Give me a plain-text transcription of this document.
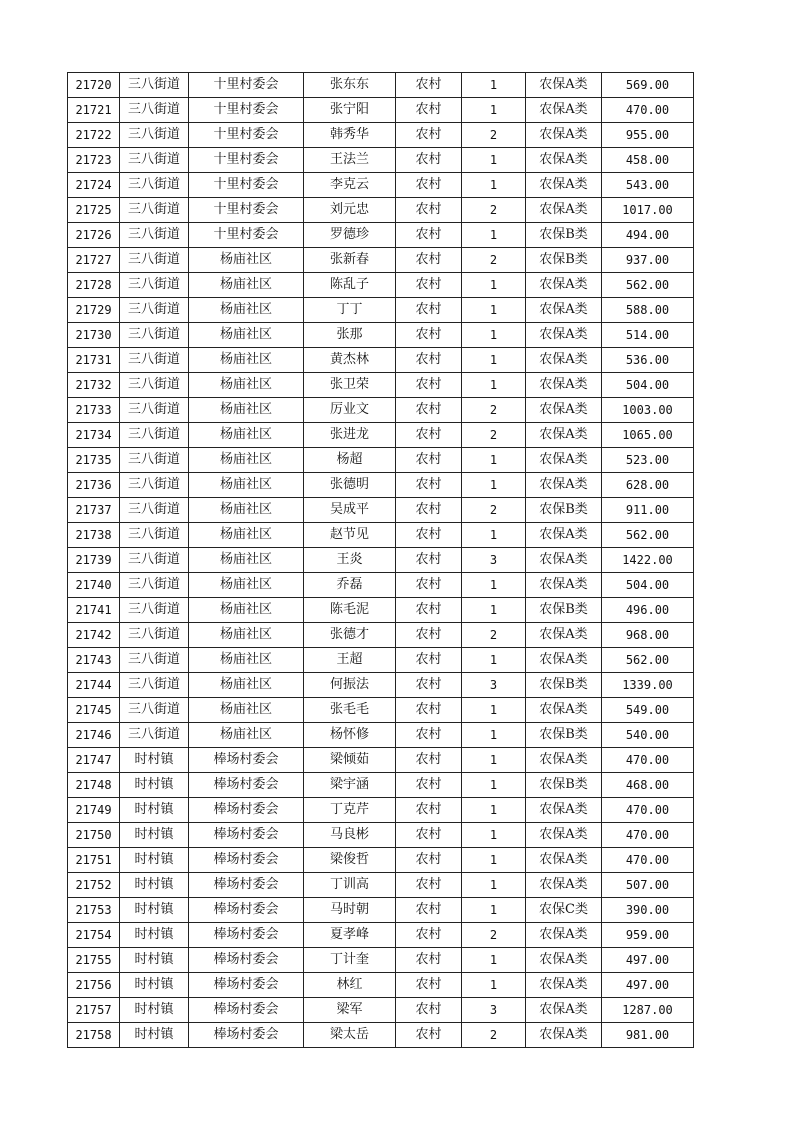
21720	三八街道	十里村委会	张东东	农村	1	农保A类	569.00
21721	三八街道	十里村委会	张宁阳	农村	1	农保A类	470.00
21722	三八街道	十里村委会	韩秀华	农村	2	农保A类	955.00
21723	三八街道	十里村委会	王法兰	农村	1	农保A类	458.00
21724	三八街道	十里村委会	李克云	农村	1	农保A类	543.00
21725	三八街道	十里村委会	刘元忠	农村	2	农保A类	1017.00
21726	三八街道	十里村委会	罗德珍	农村	1	农保B类	494.00
21727	三八街道	杨庙社区	张新春	农村	2	农保B类	937.00
21728	三八街道	杨庙社区	陈乱子	农村	1	农保A类	562.00
21729	三八街道	杨庙社区	丁丁	农村	1	农保A类	588.00
21730	三八街道	杨庙社区	张那	农村	1	农保A类	514.00
21731	三八街道	杨庙社区	黄杰林	农村	1	农保A类	536.00
21732	三八街道	杨庙社区	张卫荣	农村	1	农保A类	504.00
21733	三八街道	杨庙社区	厉业文	农村	2	农保A类	1003.00
21734	三八街道	杨庙社区	张进龙	农村	2	农保A类	1065.00
21735	三八街道	杨庙社区	杨超	农村	1	农保A类	523.00
21736	三八街道	杨庙社区	张德明	农村	1	农保A类	628.00
21737	三八街道	杨庙社区	吴成平	农村	2	农保B类	911.00
21738	三八街道	杨庙社区	赵节见	农村	1	农保A类	562.00
21739	三八街道	杨庙社区	王炎	农村	3	农保A类	1422.00
21740	三八街道	杨庙社区	乔磊	农村	1	农保A类	504.00
21741	三八街道	杨庙社区	陈毛泥	农村	1	农保B类	496.00
21742	三八街道	杨庙社区	张德才	农村	2	农保A类	968.00
21743	三八街道	杨庙社区	王超	农村	1	农保A类	562.00
21744	三八街道	杨庙社区	何振法	农村	3	农保B类	1339.00
21745	三八街道	杨庙社区	张毛毛	农村	1	农保A类	549.00
21746	三八街道	杨庙社区	杨怀修	农村	1	农保B类	540.00
21747	时村镇	棒场村委会	梁倾茹	农村	1	农保A类	470.00
21748	时村镇	棒场村委会	梁宇涵	农村	1	农保B类	468.00
21749	时村镇	棒场村委会	丁克芹	农村	1	农保A类	470.00
21750	时村镇	棒场村委会	马良彬	农村	1	农保A类	470.00
21751	时村镇	棒场村委会	梁俊哲	农村	1	农保A类	470.00
21752	时村镇	棒场村委会	丁训高	农村	1	农保A类	507.00
21753	时村镇	棒场村委会	马时朝	农村	1	农保C类	390.00
21754	时村镇	棒场村委会	夏孝峰	农村	2	农保A类	959.00
21755	时村镇	棒场村委会	丁计奎	农村	1	农保A类	497.00
21756	时村镇	棒场村委会	林红	农村	1	农保A类	497.00
21757	时村镇	棒场村委会	梁军	农村	3	农保A类	1287.00
21758	时村镇	棒场村委会	梁太岳	农村	2	农保A类	981.00
